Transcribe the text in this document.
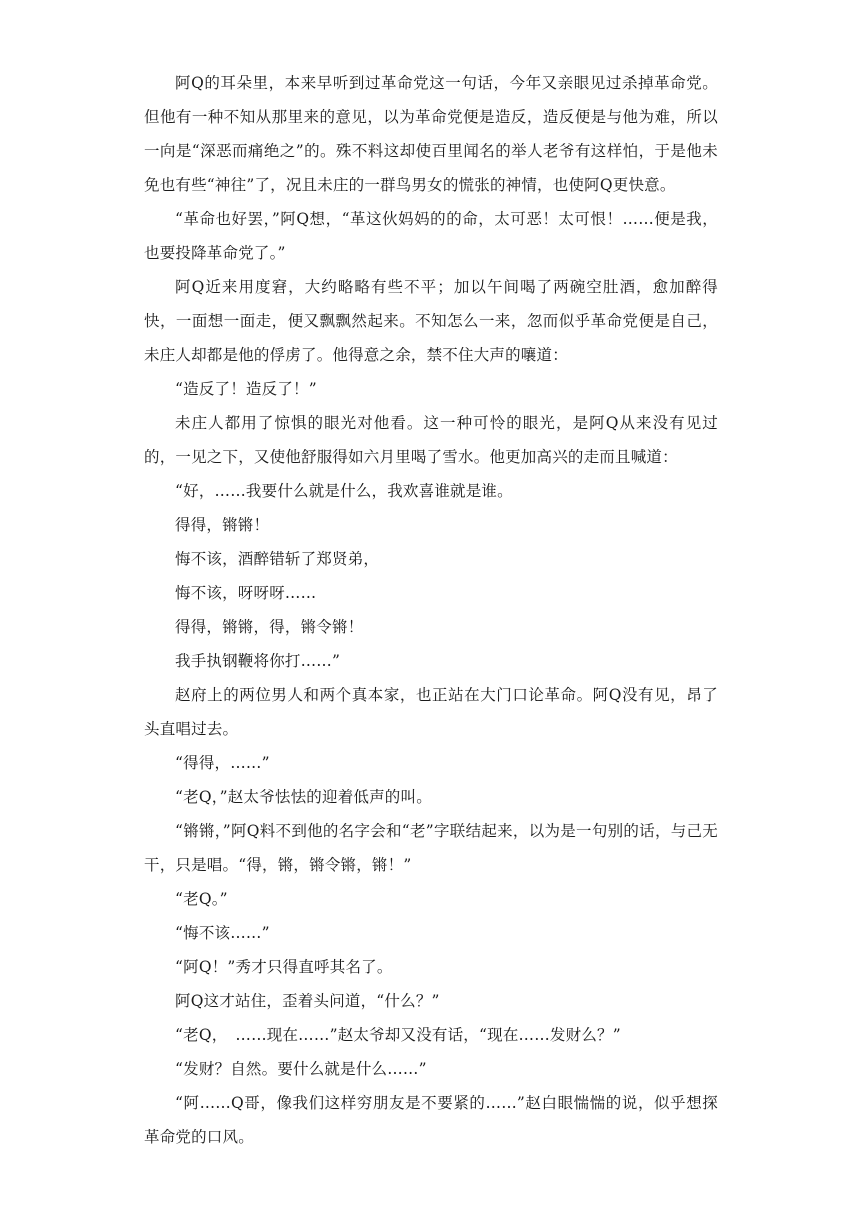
阿Q的耳朵里，本来早听到过革命党这一句话，今年又亲眼见过杀掉革命党。但他有一种不知从那里来的意见，以为革命党便是造反，造反便是与他为难，所以一向是“深恶而痛绝之”的。殊不料这却使百里闻名的举人老爷有这样怕，于是他未免也有些“神往”了，况且未庄的一群鸟男女的慌张的神情，也使阿Q更快意。

“革命也好罢，”阿Q想，“革这伙妈妈的的命，太可恶！太可恨！……便是我，也要投降革命党了。”

阿Q近来用度窘，大约略略有些不平；加以午间喝了两碗空肚酒，愈加醉得快，一面想一面走，便又飘飘然起来。不知怎么一来，忽而似乎革命党便是自己，未庄人却都是他的俘虏了。他得意之余，禁不住大声的嚷道：

“造反了！造反了！”

未庄人都用了惊惧的眼光对他看。这一种可怜的眼光，是阿Q从来没有见过的，一见之下，又使他舒服得如六月里喝了雪水。他更加高兴的走而且喊道：

“好，……我要什么就是什么，我欢喜谁就是谁。

得得，锵锵！

悔不该，酒醉错斩了郑贤弟，

悔不该，呀呀呀……

得得，锵锵，得，锵令锵！

我手执钢鞭将你打……”

赵府上的两位男人和两个真本家，也正站在大门口论革命。阿Q没有见，昂了头直唱过去。

“得得，……”

“老Q，”赵太爷怯怯的迎着低声的叫。

“锵锵，”阿Q料不到他的名字会和“老”字联结起来，以为是一句别的话，与己无干，只是唱。“得，锵，锵令锵，锵！”

“老Q。”

“悔不该……”

“阿Q！”秀才只得直呼其名了。

阿Q这才站住，歪着头问道，“什么？”

“老Q，　……现在……”赵太爷却又没有话，“现在……发财么？”

“发财？自然。要什么就是什么……”

“阿……Q哥，像我们这样穷朋友是不要紧的……”赵白眼惴惴的说，似乎想探革命党的口风。
